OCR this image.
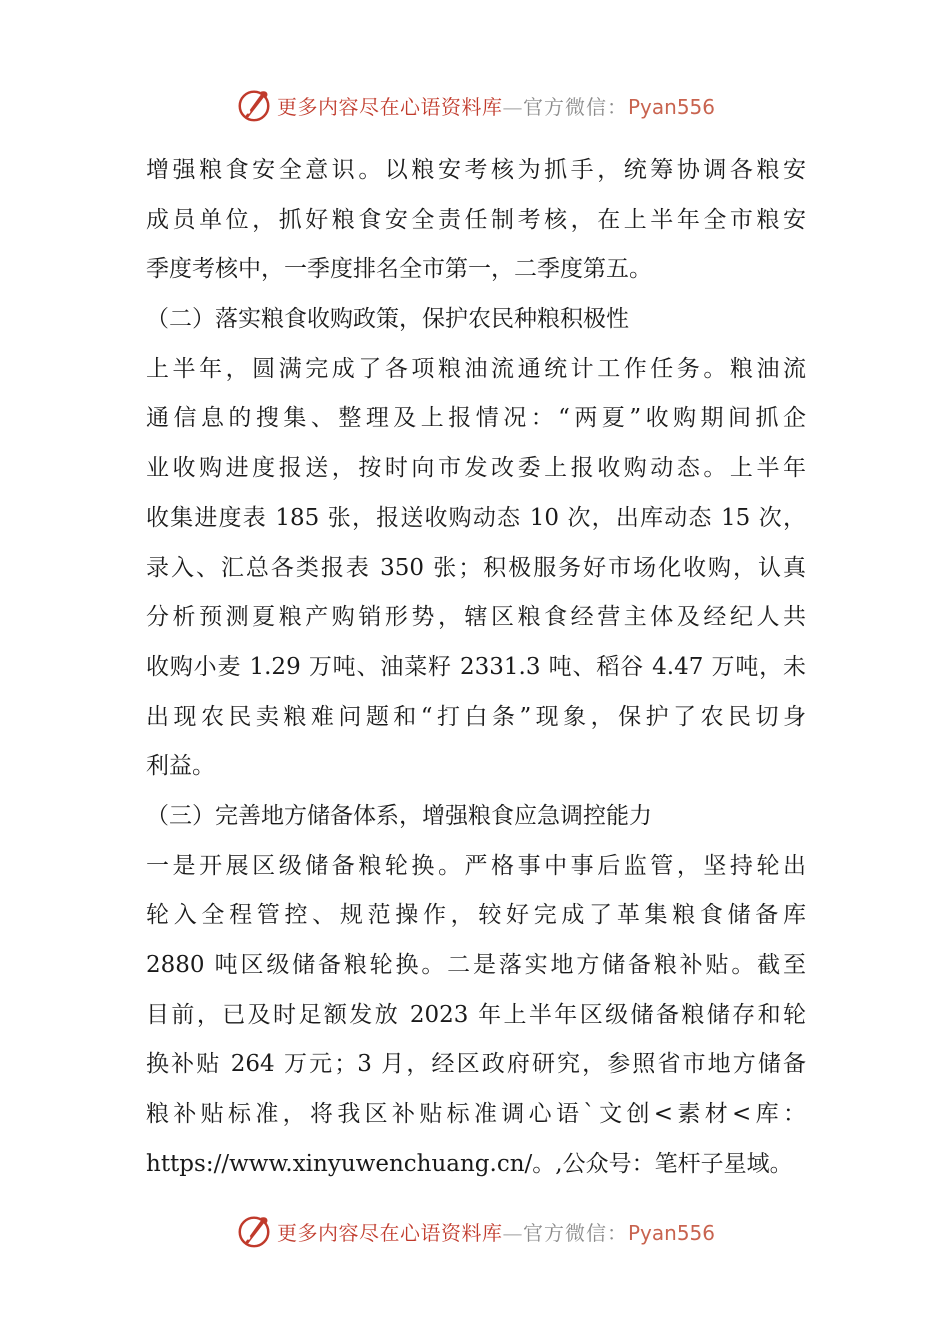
更多内容尽在心语资料库—官方微信：Pyan556
增强粮食安全意识。以粮安考核为抓手，统筹协调各粮安
成员单位，抓好粮食安全责任制考核，在上半年全市粮安
季度考核中，一季度排名全市第一，二季度第五。
（二）落实粮食收购政策，保护农民种粮积极性
上半年，圆满完成了各项粮油流通统计工作任务。粮油流
通信息的搜集、整理及上报情况：“两夏”收购期间抓企
业收购进度报送，按时向市发改委上报收购动态。上半年
收集进度表 185 张，报送收购动态 10 次，出库动态 15 次，
录入、汇总各类报表 350 张；积极服务好市场化收购，认真
分析预测夏粮产购销形势，辖区粮食经营主体及经纪人共
收购小麦 1.29 万吨、油菜籽 2331.3 吨、稻谷 4.47 万吨，未
出现农民卖粮难问题和“打白条”现象，保护了农民切身
利益。
（三）完善地方储备体系，增强粮食应急调控能力
一是开展区级储备粮轮换。严格事中事后监管，坚持轮出
轮入全程管控、规范操作，较好完成了革集粮食储备库
2880 吨区级储备粮轮换。二是落实地方储备粮补贴。截至
目前，已及时足额发放 2023 年上半年区级储备粮储存和轮
换补贴 264 万元；3 月，经区政府研究，参照省市地方储备
粮补贴标准，将我区补贴标准调心语`文创<素材<库：
https://www.xinyuwenchuang.cn/。,公众号：笔杆子星域。
更多内容尽在心语资料库—官方微信：Pyan556
